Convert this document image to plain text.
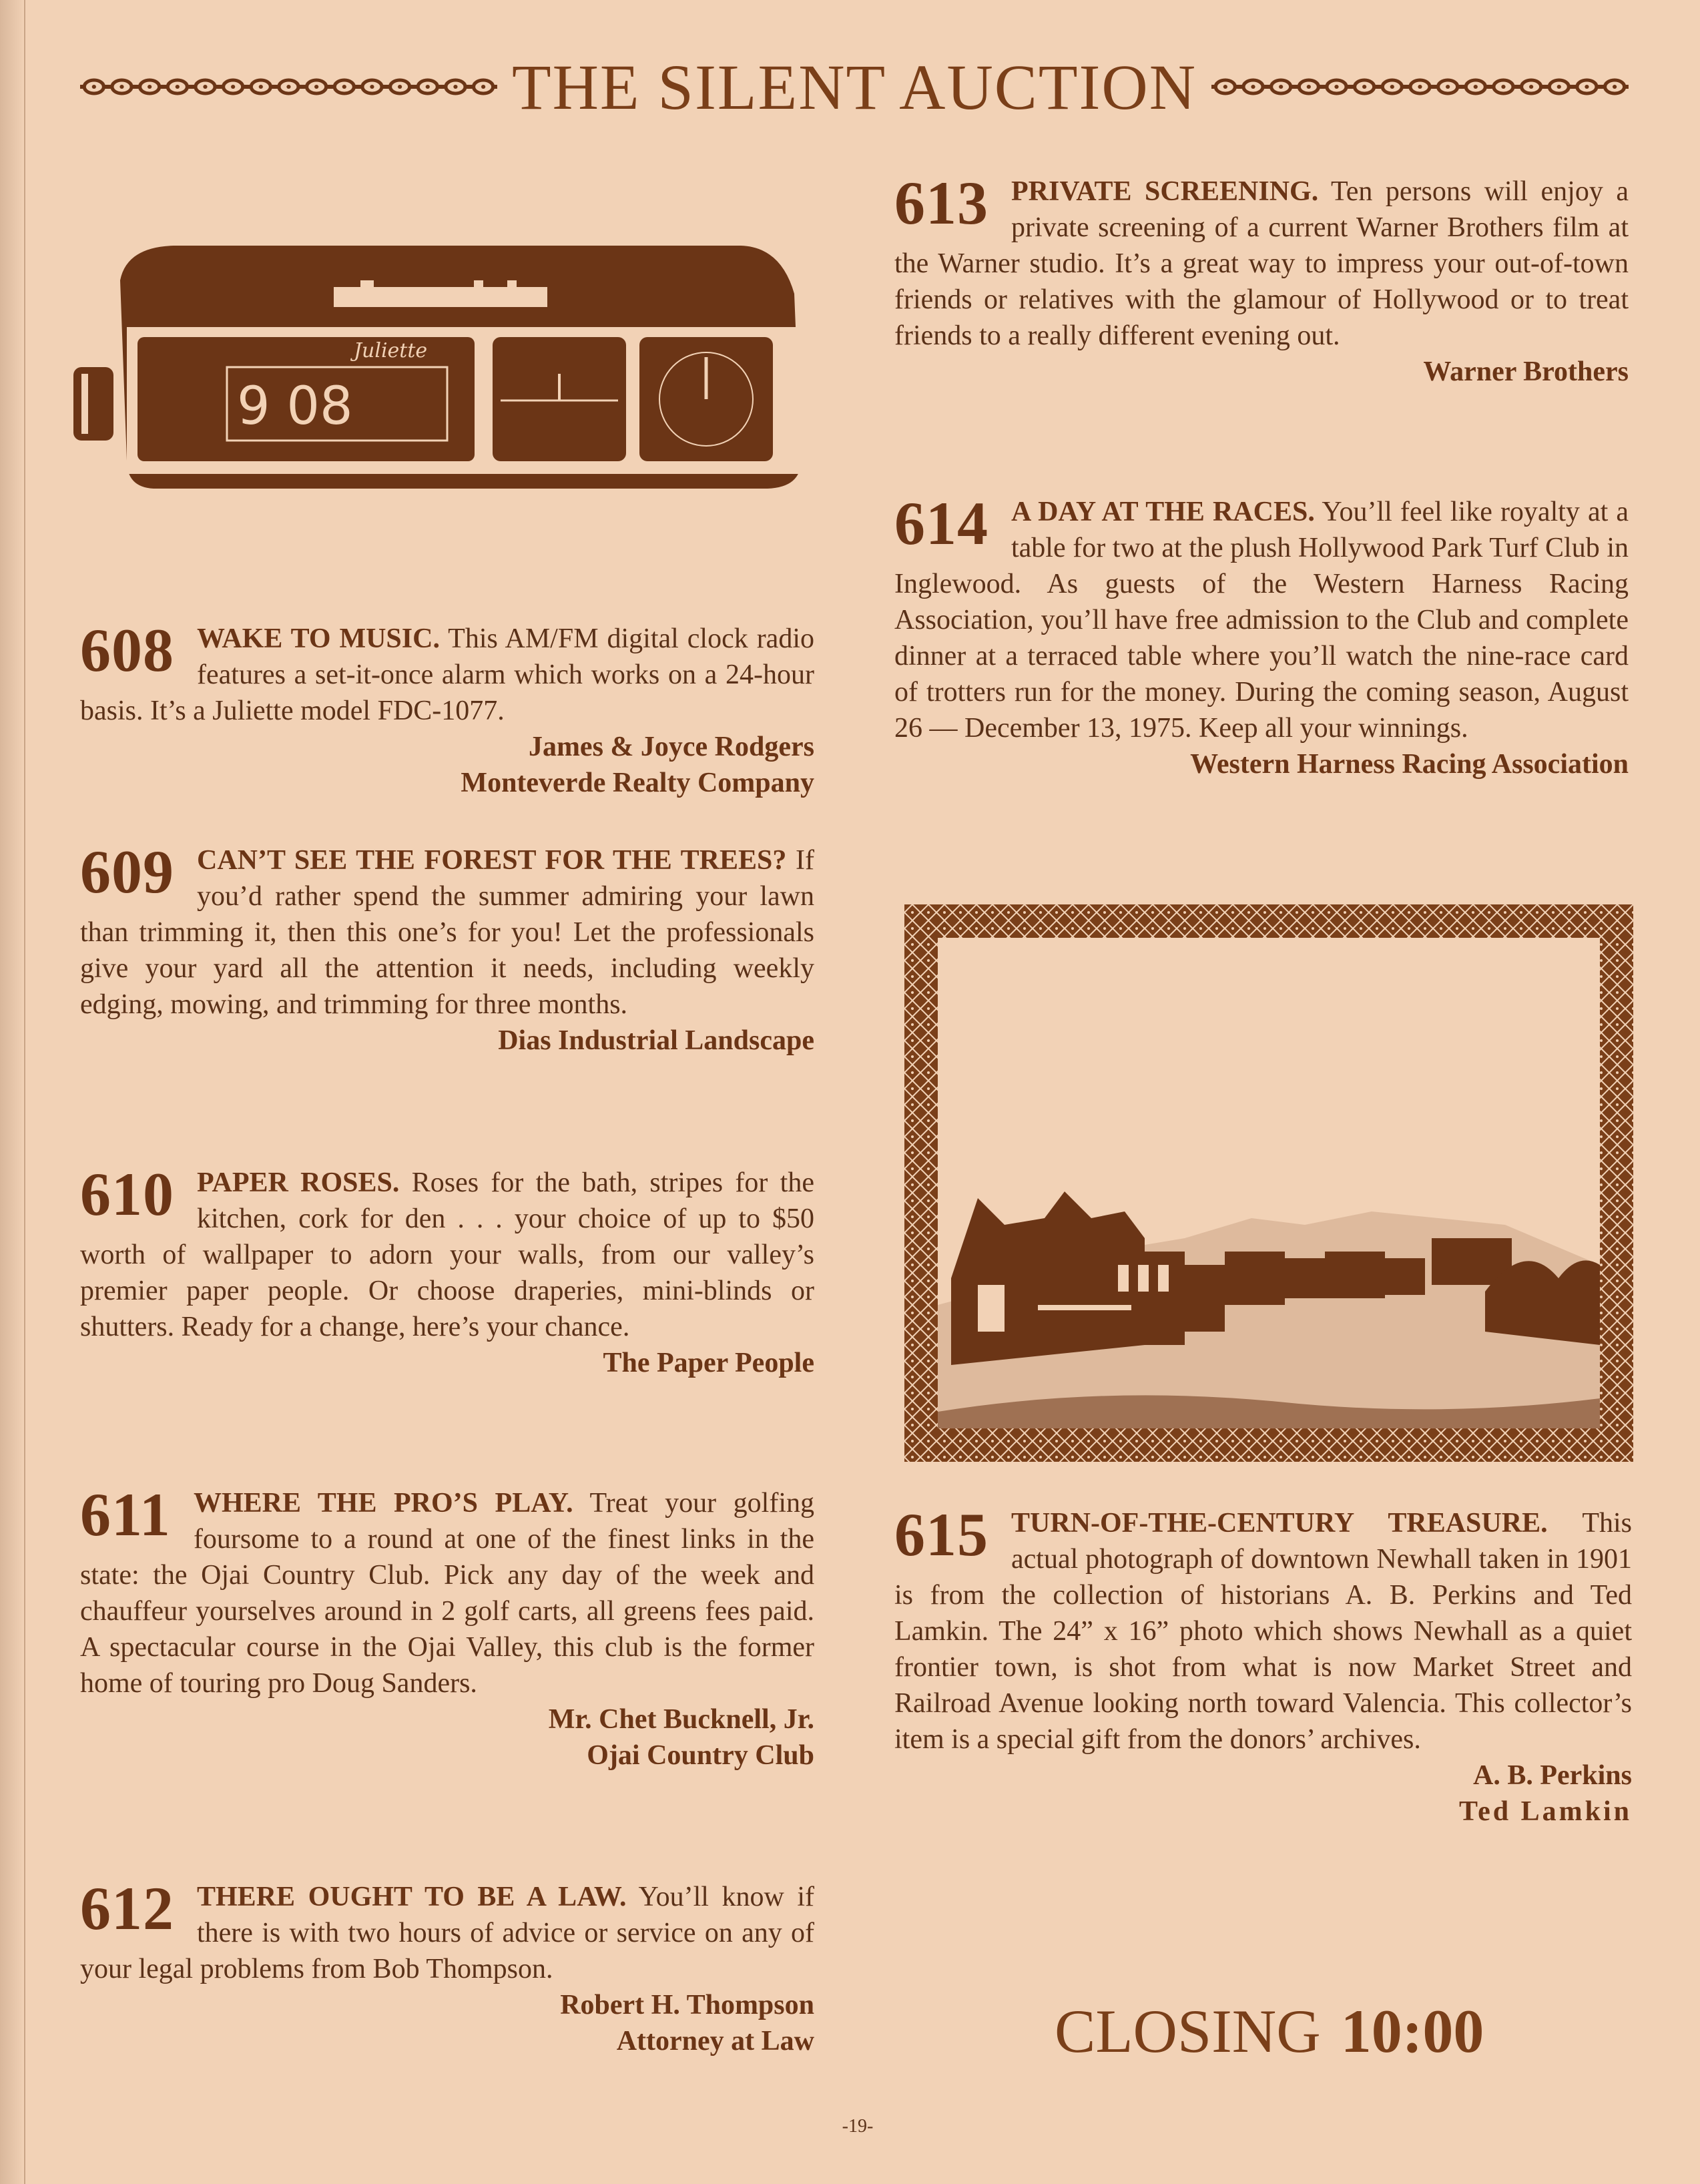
THE SILENT AUCTION
9 08
Juliette

608 WAKE TO MUSIC. This AM/FM digital clock radio features a set-it-once alarm which works on a 24-hour basis. It’s a Juliette model FDC-1077.

James & Joyce Rodgers
Monteverde Realty Company

609 CAN’T SEE THE FOREST FOR THE TREES? If you’d rather spend the summer admiring your lawn than trimming it, then this one’s for you! Let the professionals give your yard all the attention it needs, including weekly edging, mowing, and trimming for three months.

Dias Industrial Landscape

610 PAPER ROSES. Roses for the bath, stripes for the kitchen, cork for den . . . your choice of up to $50 worth of wallpaper to adorn your walls, from our valley’s premier paper people. Or choose draperies, mini-blinds or shutters. Ready for a change, here’s your chance.

The Paper People

611 WHERE THE PRO’S PLAY. Treat your golfing foursome to a round at one of the finest links in the state: the Ojai Country Club. Pick any day of the week and chauffeur yourselves around in 2 golf carts, all greens fees paid. A spectacular course in the Ojai Valley, this club is the former home of touring pro Doug Sanders.

Mr. Chet Bucknell, Jr.
Ojai Country Club

612 THERE OUGHT TO BE A LAW. You’ll know if there is with two hours of advice or service on any of your legal problems from Bob Thompson.

Robert H. Thompson
Attorney at Law

613 PRIVATE SCREENING. Ten persons will enjoy a private screening of a current Warner Brothers film at the Warner studio. It’s a great way to impress your out-of-town friends or relatives with the glamour of Hollywood or to treat friends to a really different evening out.

Warner Brothers

614 A DAY AT THE RACES. You’ll feel like royalty at a table for two at the plush Hollywood Park Turf Club in Inglewood. As guests of the Western Harness Racing Association, you’ll have free admission to the Club and complete dinner at a terraced table where you’ll watch the nine-race card of trotters run for the money. During the coming season, August 26 — December 13, 1975. Keep all your winnings.

Western Harness Racing Association

615 TURN-OF-THE-CENTURY TREASURE. This actual photograph of downtown Newhall taken in 1901 is from the collection of historians A. B. Perkins and Ted Lamkin. The 24” x 16” photo which shows Newhall as a quiet frontier town, is shot from what is now Market Street and Railroad Avenue looking north toward Valencia. This collector’s item is a special gift from the donors’ archives.

A. B. Perkins
Ted Lamkin
CLOSING 10:00
-19-
